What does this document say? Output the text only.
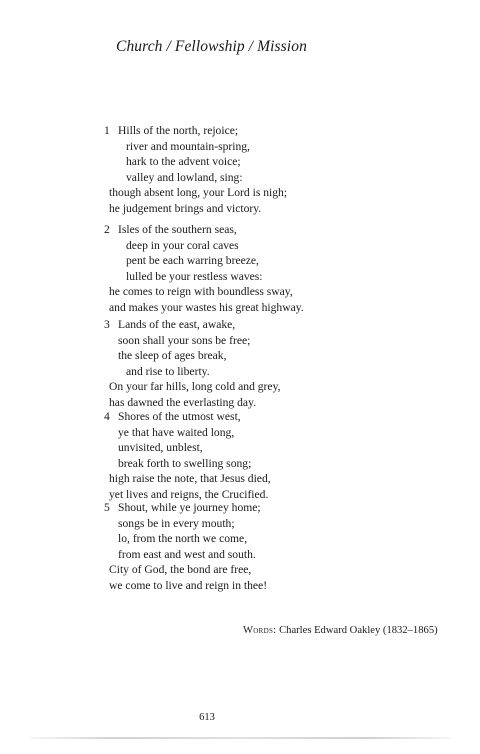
Church / Fellowship / Mission
1 Hills of the north, rejoice;
river and mountain-spring,
hark to the advent voice;
valley and lowland, sing:
though absent long, your Lord is nigh;
he judgement brings and victory.
2 Isles of the southern seas,
deep in your coral caves
pent be each warring breeze,
lulled be your restless waves:
he comes to reign with boundless sway,
and makes your wastes his great highway.
3 Lands of the east, awake,
soon shall your sons be free;
the sleep of ages break,
and rise to liberty.
On your far hills, long cold and grey,
has dawned the everlasting day.
4 Shores of the utmost west,
ye that have waited long,
unvisited, unblest,
break forth to swelling song;
high raise the note, that Jesus died,
yet lives and reigns, the Crucified.
5 Shout, while ye journey home;
songs be in every mouth;
lo, from the north we come,
from east and west and south.
City of God, the bond are free,
we come to live and reign in thee!
Words: Charles Edward Oakley (1832–1865)
613
